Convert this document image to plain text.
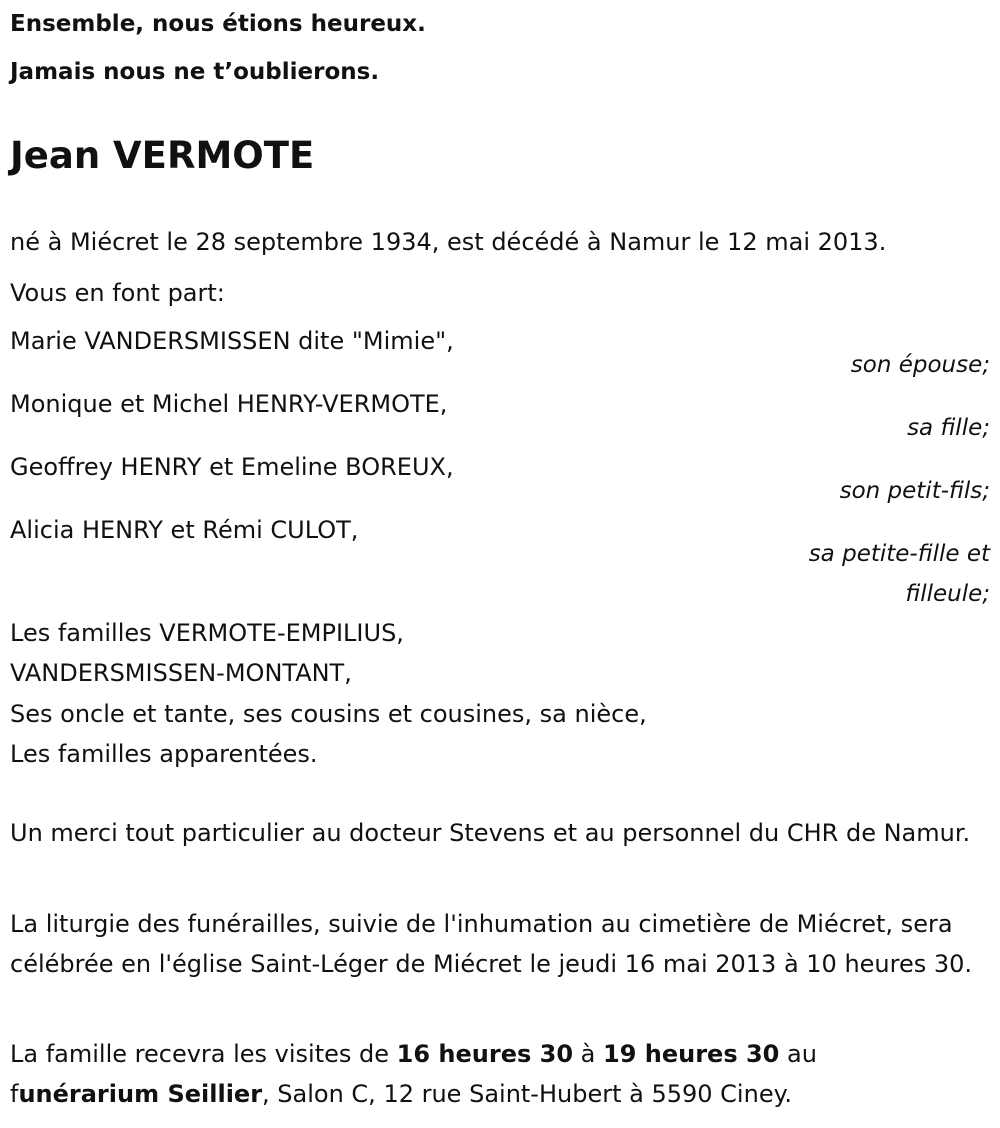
Ensemble, nous étions heureux.
Jamais nous ne t’oublierons.
Jean VERMOTE
né à Miécret le 28 septembre 1934, est décédé à Namur le 12 mai 2013.
Vous en font part:
Marie VANDERSMISSEN dite "Mimie",
son épouse;
Monique et Michel HENRY-VERMOTE,
sa fille;
Geoffrey HENRY et Emeline BOREUX,
son petit-fils;
Alicia HENRY et Rémi CULOT,
sa petite-fille et
filleule;
Les familles VERMOTE-EMPILIUS,
VANDERSMISSEN-MONTANT,
Ses oncle et tante, ses cousins et cousines, sa nièce,
Les familles apparentées.
Un merci tout particulier au docteur Stevens et au personnel du CHR de Namur.
La liturgie des funérailles, suivie de l'inhumation au cimetière de Miécret, sera célébrée en l'église Saint-Léger de Miécret le jeudi 16 mai 2013 à 10 heures 30.
La famille recevra les visites de 16 heures 30 à 19 heures 30 au
funérarium Seillier, Salon C, 12 rue Saint-Hubert à 5590 Ciney.
